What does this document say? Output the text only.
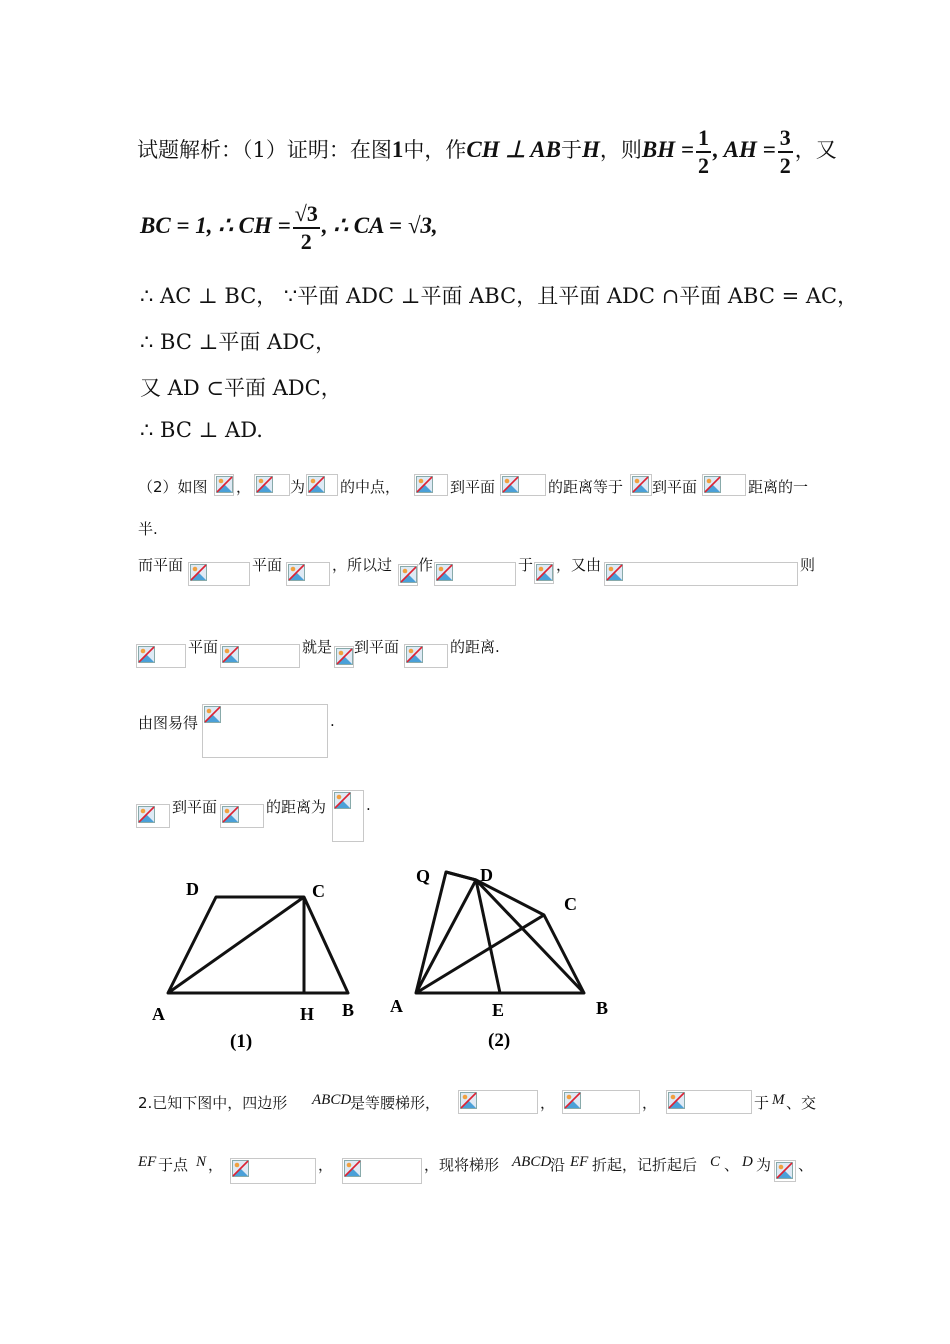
试题解析：（1）证明：在图1中，作CH ⊥ AB于H，则BH = $\frac{1}{2}$ , AH = $\frac{3}{2}$ ，又
BC = 1, ∴ CH = $\frac{√3}{2}$ , ∴ CA = √3,
∴ AC ⊥ BC， ∵平面 ADC ⊥平面 ABC，且平面 ADC ∩平面 ABC = AC，
∴ BC ⊥平面 ADC，
又 AD ⊂平面 ADC，
∴ BC ⊥ AD.
（2）如图 ，	为 的中点，	到平面	的距离等于 到平面	距离的一
半.
而平面	平面	，所以过 作	于 ，又由	则
平面	就是 到平面	的距离.
由图易得	.
到平面	的距离为	.
D	C
A	H B
(1)
Q	D
C
A	E	B
(2)
2.已知下图中，四边形 ABCD
是等腰梯形，	，	，	于 M 、交
EF 于点 N ，	，	，现将梯形 ABCD
沿 EF 折起，记折起后 C 、 D 为 、
